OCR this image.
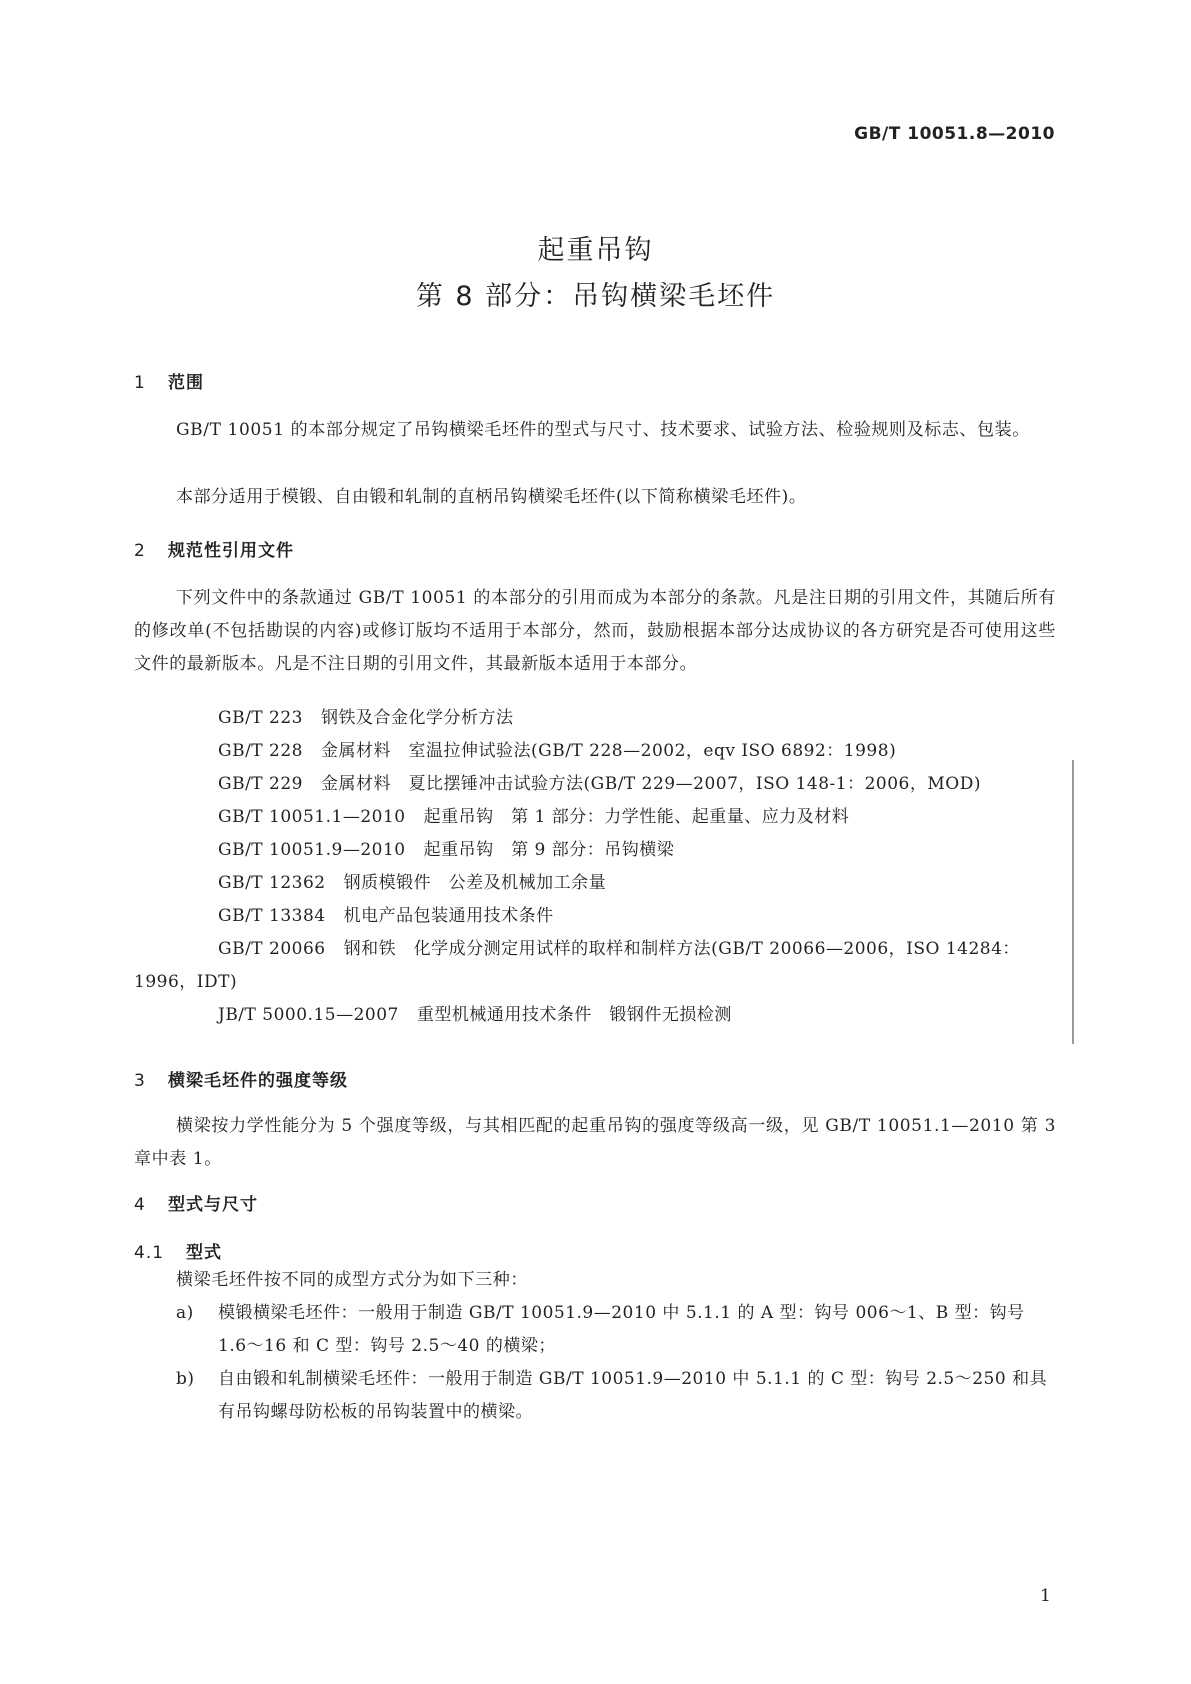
GB/T 10051.8—2010
起重吊钩
第 8 部分：吊钩横梁毛坯件
1 范围
GB/T 10051 的本部分规定了吊钩横梁毛坯件的型式与尺寸、技术要求、试验方法、检验规则及标志、包装。
本部分适用于模锻、自由锻和轧制的直柄吊钩横梁毛坯件(以下简称横梁毛坯件)。
2 规范性引用文件
下列文件中的条款通过 GB/T 10051 的本部分的引用而成为本部分的条款。凡是注日期的引用文件，其随后所有的修改单(不包括勘误的内容)或修订版均不适用于本部分，然而，鼓励根据本部分达成协议的各方研究是否可使用这些文件的最新版本。凡是不注日期的引用文件，其最新版本适用于本部分。
GB/T 223 钢铁及合金化学分析方法
GB/T 228 金属材料　室温拉伸试验法(GB/T 228—2002，eqv ISO 6892：1998)
GB/T 229 金属材料　夏比摆锤冲击试验方法(GB/T 229—2007，ISO 148-1：2006，MOD)
GB/T 10051.1—2010 起重吊钩　第 1 部分：力学性能、起重量、应力及材料
GB/T 10051.9—2010 起重吊钩　第 9 部分：吊钩横梁
GB/T 12362 钢质模锻件　公差及机械加工余量
GB/T 13384 机电产品包装通用技术条件
GB/T 20066 钢和铁　化学成分测定用试样的取样和制样方法(GB/T 20066—2006，ISO 14284：
1996，IDT)
JB/T 5000.15—2007 重型机械通用技术条件　锻钢件无损检测
3 横梁毛坯件的强度等级
横梁按力学性能分为 5 个强度等级，与其相匹配的起重吊钩的强度等级高一级，见 GB/T 10051.1—2010 第 3 章中表 1。
4 型式与尺寸
4.1 型式
横梁毛坯件按不同的成型方式分为如下三种：
a) 模锻横梁毛坯件：一般用于制造 GB/T 10051.9—2010 中 5.1.1 的 A 型：钩号 006～1、B 型：钩号 1.6～16 和 C 型：钩号 2.5～40 的横梁；
b) 自由锻和轧制横梁毛坯件：一般用于制造 GB/T 10051.9—2010 中 5.1.1 的 C 型：钩号 2.5～250 和具有吊钩螺母防松板的吊钩装置中的横梁。
1
